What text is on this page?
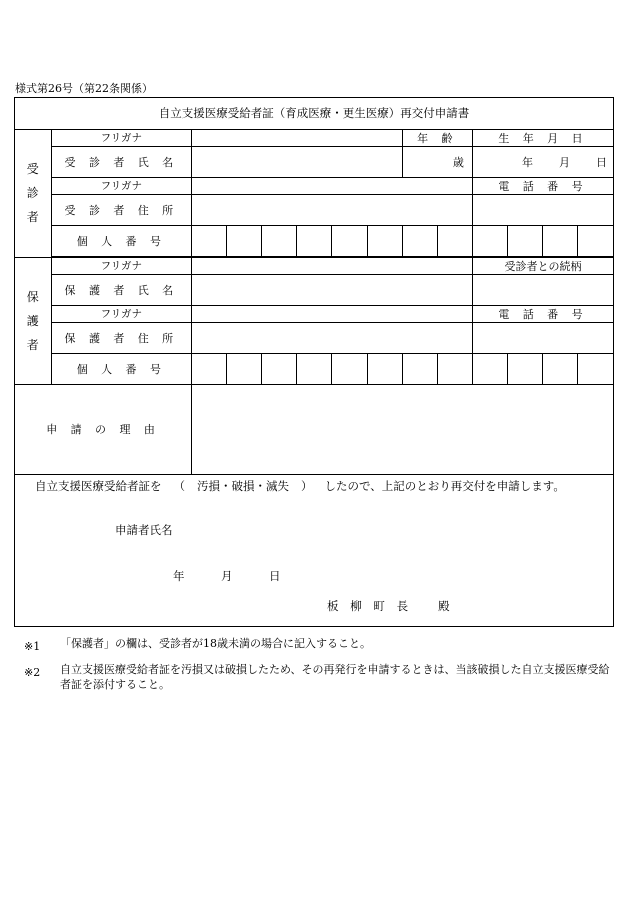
様式第26号（第22条関係）
自立支援医療受給者証（育成医療・更生医療）再交付申請書													

受
診
者	フリガナ							年 齢		生 年 月 日			
	受 診 者 氏 名							歳		年 月 日			
	フリガナ									電 話 番 号			
	受 診 者 住 所												
	個 人 番 号												

保
護
者	フリガナ									受診者との続柄			
	保 護 者 氏 名												
	フリガナ									電 話 番 号			
	保 護 者 住 所												
	個 人 番 号												
申 請 の 理 由													
自立支援医療受給者証を （ 汚損・破損・滅失 ） したので、上記のとおり再交付を申請します。
申請者氏名
年	月	日
板 柳 町 長 殿
※1 「保護者」の欄は、受診者が18歳未満の場合に記入すること。
※2 自立支援医療受給者証を汚損又は破損したため、その再発行を申請するときは、当該破損した自立支援医療受給者証を添付すること。
